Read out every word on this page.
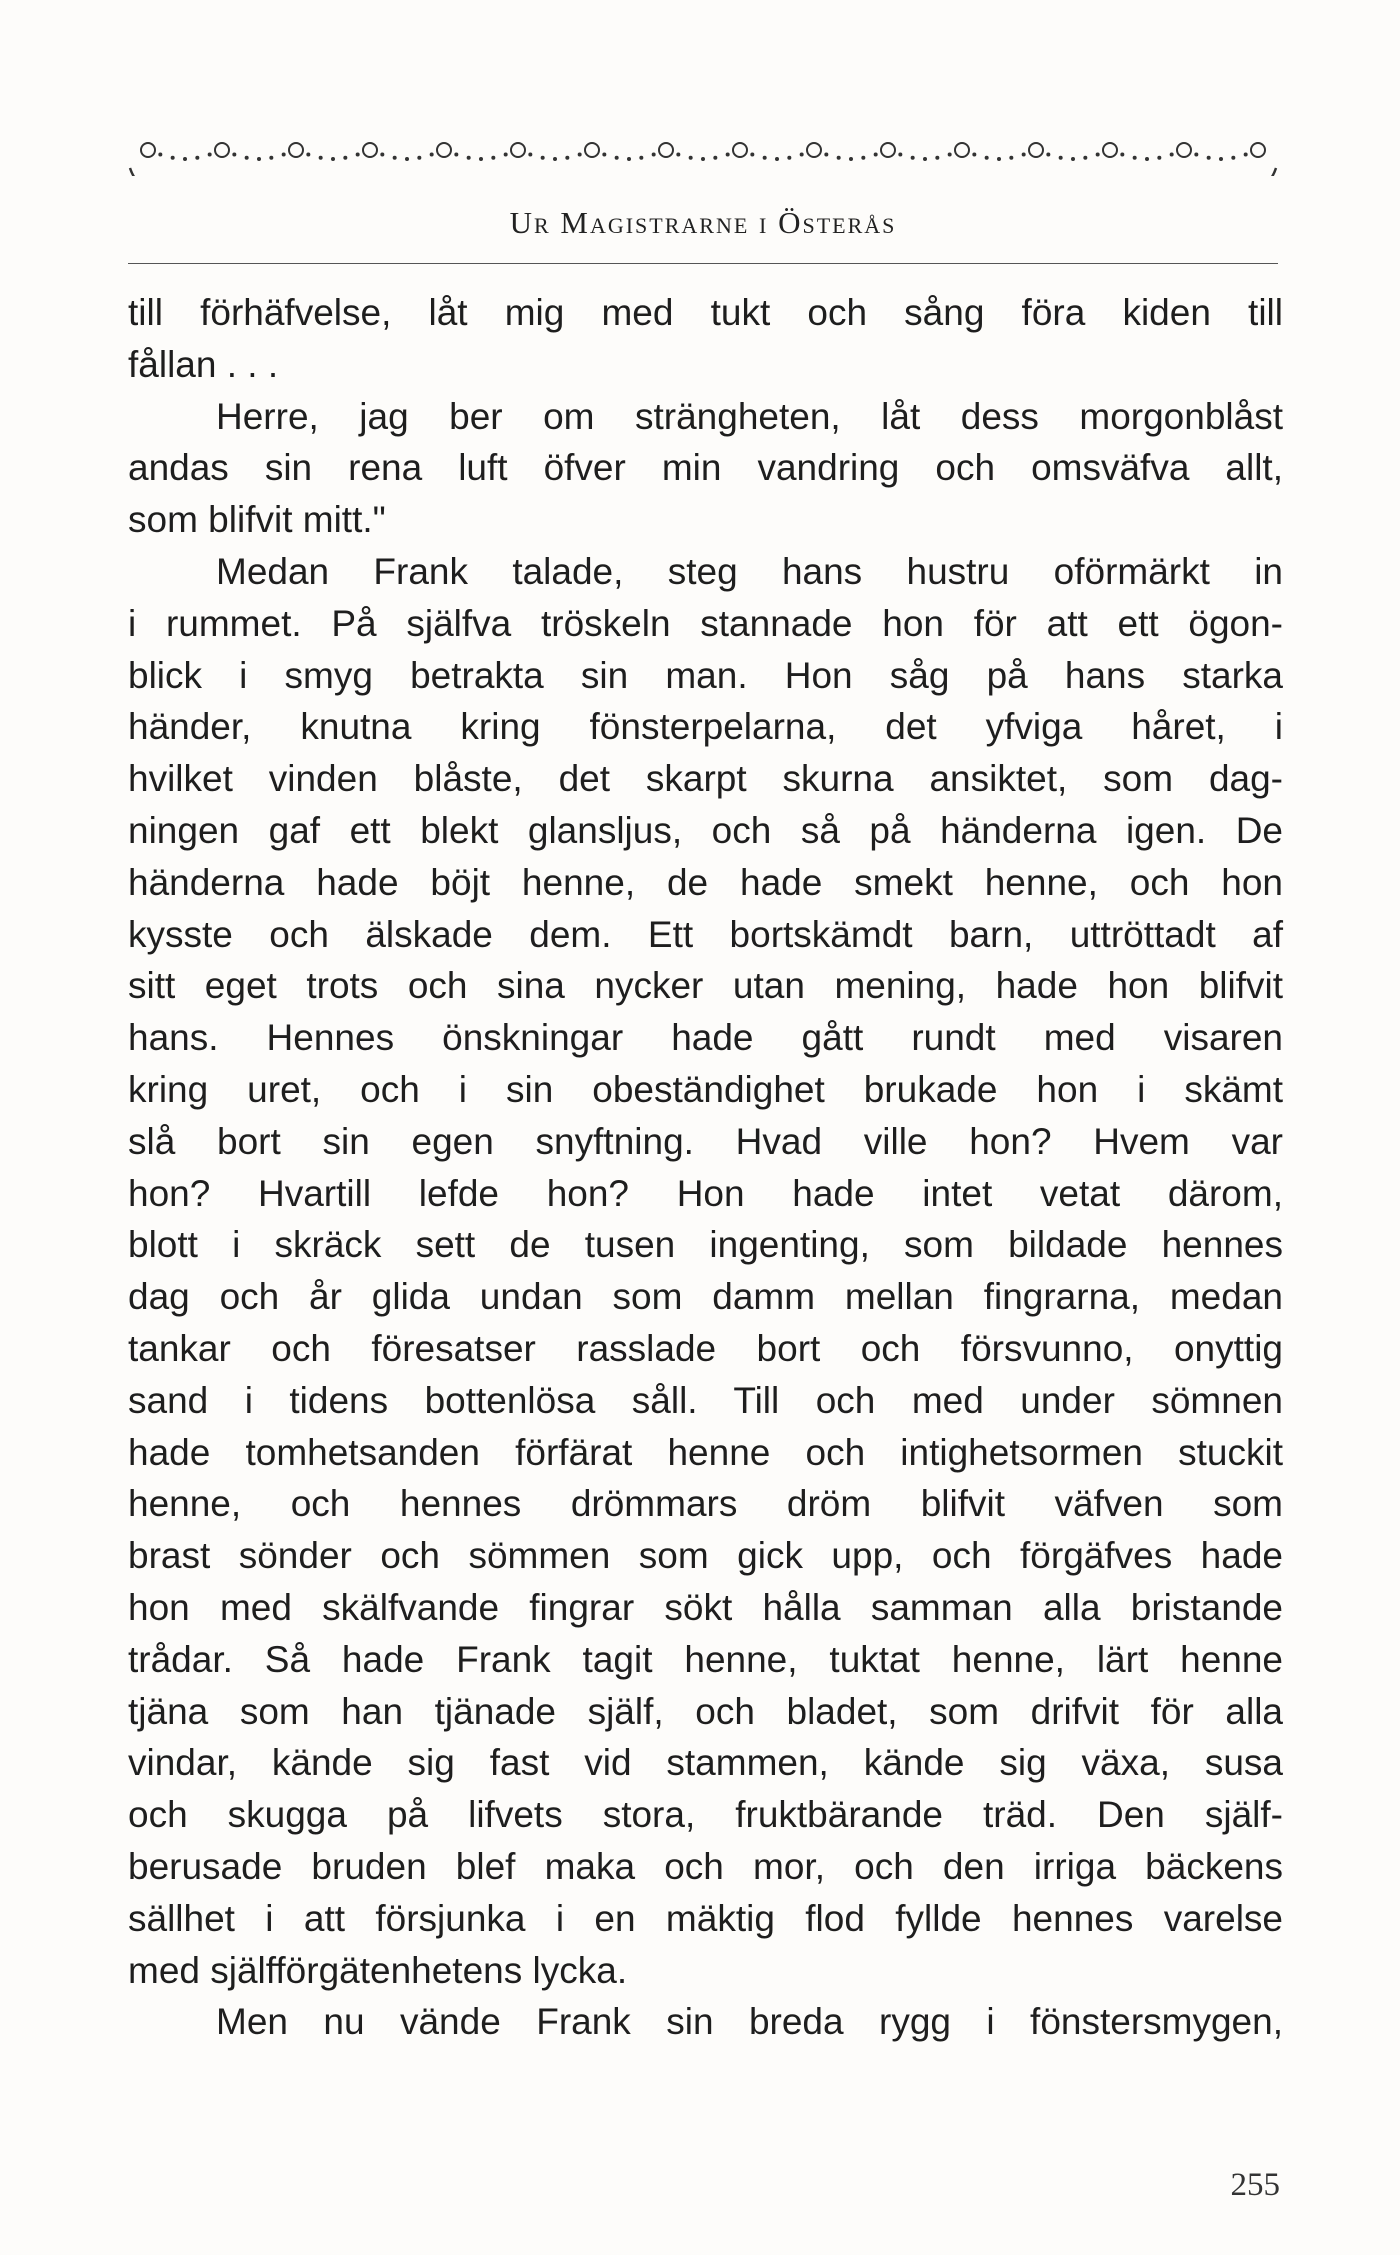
Ur Magistrarne i Österås
till förhäfvelse, låt mig med tukt och sång föra kiden till
fållan . . .
Herre, jag ber om strängheten, låt dess morgonblåst
andas sin rena luft öfver min vandring och omsväfva allt,
som blifvit mitt."
Medan Frank talade, steg hans hustru oförmärkt in
i rummet. På själfva tröskeln stannade hon för att ett ögon-
blick i smyg betrakta sin man. Hon såg på hans starka
händer, knutna kring fönsterpelarna, det yfviga håret, i
hvilket vinden blåste, det skarpt skurna ansiktet, som dag-
ningen gaf ett blekt glansljus, och så på händerna igen. De
händerna hade böjt henne, de hade smekt henne, och hon
kysste och älskade dem. Ett bortskämdt barn, uttröttadt af
sitt eget trots och sina nycker utan mening, hade hon blifvit
hans. Hennes önskningar hade gått rundt med visaren
kring uret, och i sin obeständighet brukade hon i skämt
slå bort sin egen snyftning. Hvad ville hon? Hvem var
hon? Hvartill lefde hon? Hon hade intet vetat därom,
blott i skräck sett de tusen ingenting, som bildade hennes
dag och år glida undan som damm mellan fingrarna, medan
tankar och föresatser rasslade bort och försvunno, onyttig
sand i tidens bottenlösa såll. Till och med under sömnen
hade tomhetsanden förfärat henne och intighetsormen stuckit
henne, och hennes drömmars dröm blifvit väfven som
brast sönder och sömmen som gick upp, och förgäfves hade
hon med skälfvande fingrar sökt hålla samman alla bristande
trådar. Så hade Frank tagit henne, tuktat henne, lärt henne
tjäna som han tjänade själf, och bladet, som drifvit för alla
vindar, kände sig fast vid stammen, kände sig växa, susa
och skugga på lifvets stora, fruktbärande träd. Den själf-
berusade bruden blef maka och mor, och den irriga bäckens
sällhet i att försjunka i en mäktig flod fyllde hennes varelse
med själfförgätenhetens lycka.
Men nu vände Frank sin breda rygg i fönstersmygen,
255
